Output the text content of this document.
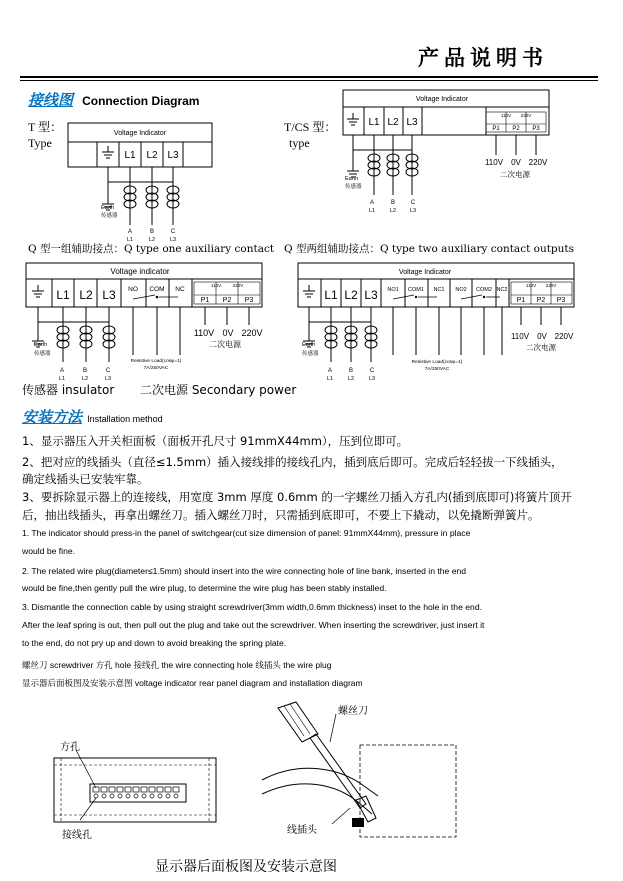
产品说明书
接线图 Connection Diagram
T 型：
Type
T/CS 型：
type
Voltage Indicator
L1 L2 L3
Earth
传感器
A	B	C
L1	L2	L3
Voltage Indicator
L1 L2 L3
110V 220V
P1 P2 P3
110V 0V 220V
二次电源
Earth
传感器
A	B	C
L1	L2	L3
Q 型一组辅助接点：Q type one auxiliary contact Q 型两组辅助接点：Q type two auxiliary contact outputs
Voltage indicator
L1 L2 L3 NO COM NC
110V	220V
P1 P2 P3
110V 0V 220V
二次电源
Resistive Load(cosφ=1)
7A/250VAC
Earth
传感器
A	B	C
L1	L2	L3
Voltage Indicator
L1 L2 L3 NO1 COM1 NC1 NO2 COM2 NC2
110V 220V
P1 P2 P3
110V 0V 220V
二次电源
Resistive Load(cosφ=1)
7A/250VAC
Earth
传感器
A	B	C
L1	L2	L3
传感器 insulator 二次电源 Secondary power
安装方法 Installation method
1、显示器压入开关柜面板（面板开孔尺寸 91mmX44mm），压到位即可。
2、把对应的线插头（直径≤1.5mm）插入接线排的接线孔内，插到底后即可。完成后轻轻拔一下线插头，
确定线插头已安装牢靠。
3、要拆除显示器上的连接线，用宽度 3mm 厚度 0.6mm 的一字螺丝刀插入方孔内(插到底即可)将簧片顶开
后，抽出线插头，再拿出螺丝刀。插入螺丝刀时，只需插到底即可，不要上下撬动，以免撬断弹簧片。
1. The indicator should press-in the panel of switchgear(cut size dimension of panel: 91mmX44mm), pressure in place
would be fine.
2. The related wire plug(diameter≤1.5mm) should insert into the wire connecting hole of line bank, inserted in the end
would be fine,then gently pull the wire plug, to determine the wire plug has been stably installed.
3. Dismantle the connection cable by using straight screwdriver(3mm width,0.6mm thickness) inset to the hole in the end.
After the leaf spring is out, then pull out the plug and take out the screwdriver. When inserting the screwdriver, just insert it
to the end, do not pry up and down to avoid breaking the spring plate.
螺丝刀 screwdriver 方孔 hole 接线孔 the wire connecting hole 线插头 the wire plug
显示器后面板图及安装示意图 voltage indicator rear panel diagram and installation diagram
方孔
接线孔
螺丝刀
线插头
显示器后面板图及安装示意图
